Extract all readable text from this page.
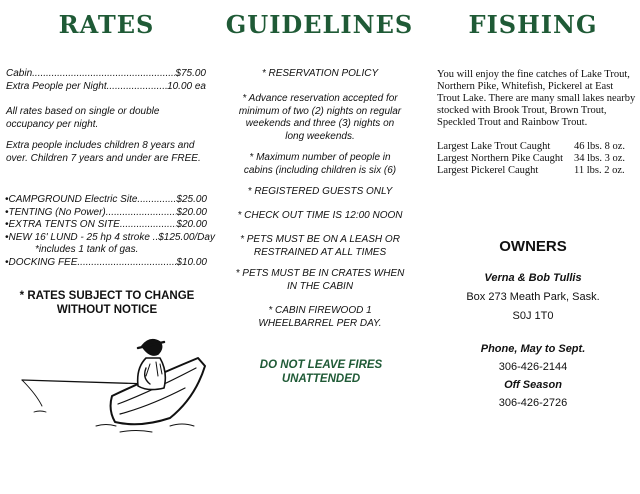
RATES
Cabin .....	$75.00
Extra People per Night .....	10.00 ea
All rates based on single or double occupancy per night.
Extra people includes children 8 years and over. Children 7 years and under are FREE.
•CAMPGROUND Electric Site .....	$25.00
•TENTING (No Power) .....	$20.00
•EXTRA TENTS ON SITE .....	$20.00
•NEW 16' LUND - 25 hp 4 stroke .. $125.00/Day
*includes 1 tank of gas.
•DOCKING FEE .....	$10.00
* RATES SUBJECT TO CHANGE WITHOUT NOTICE
GUIDELINES
* RESERVATION POLICY
* Advance reservation accepted for minimum of two (2) nights on regular weekends and three (3) nights on long weekends.
* Maximum number of people in cabins (including children is six (6)
* REGISTERED GUESTS ONLY
* CHECK OUT TIME IS 12:00 NOON
* PETS MUST BE ON A LEASH OR RESTRAINED AT ALL TIMES
* PETS MUST BE IN CRATES WHEN IN THE CABIN
* CABIN FIREWOOD 1 WHEELBARREL PER DAY.
DO NOT LEAVE FIRES UNATTENDED
FISHING
You will enjoy the fine catches of Lake Trout, Northern Pike, Whitefish, Pickerel at East Trout Lake. There are many small lakes nearby stocked with Brook Trout, Brown Trout, Speckled Trout and Rainbow Trout.
Largest Lake Trout Caught	46 lbs. 8 oz.
Largest Northern Pike Caught	34 lbs. 3 oz.
Largest Pickerel Caught	11 lbs. 2 oz.
OWNERS
Verna & Bob Tullis
Box 273 Meath Park, Sask.
S0J 1T0
Phone, May to Sept.
306-426-2144
Off Season
306-426-2726
